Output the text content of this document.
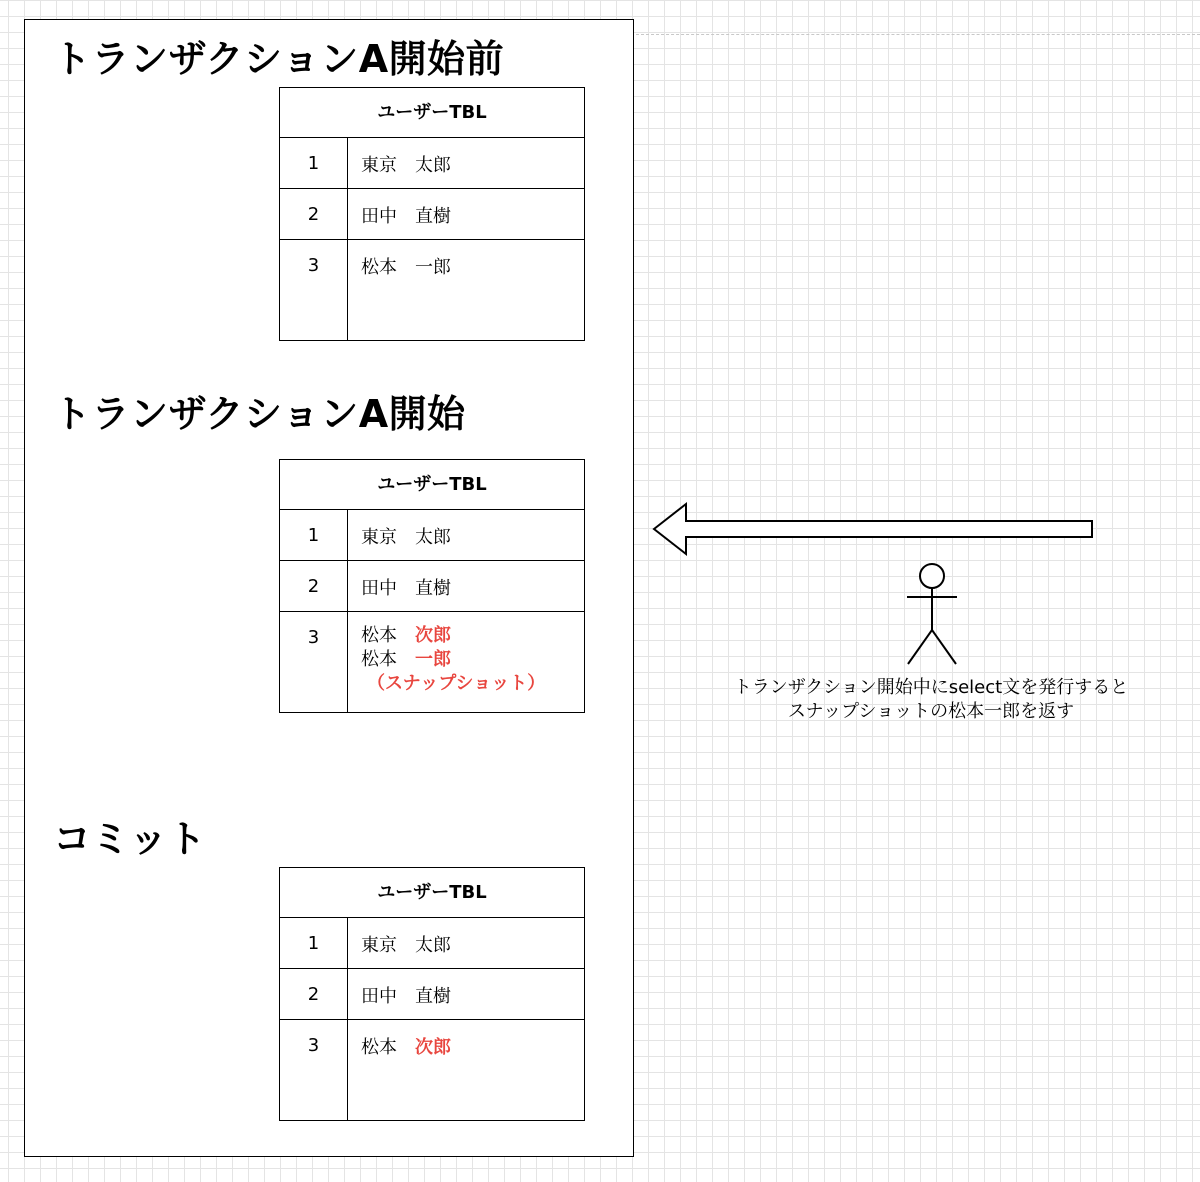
トランザクションA開始前
ユーザーTBL
1	東京　 太郎
2	田中　 直樹
3	松本　 一郎
トランザクションA開始
ユーザーTBL
1	東京　 太郎
2	田中　 直樹
3	松本　 次郎
松本　 一郎
（スナップショット）
コミット
ユーザーTBL
1	東京　 太郎
2	田中　 直樹
3	松本　 次郎
トランザクション開始中にselect文を発行すると
スナップショットの松本一郎を返す
